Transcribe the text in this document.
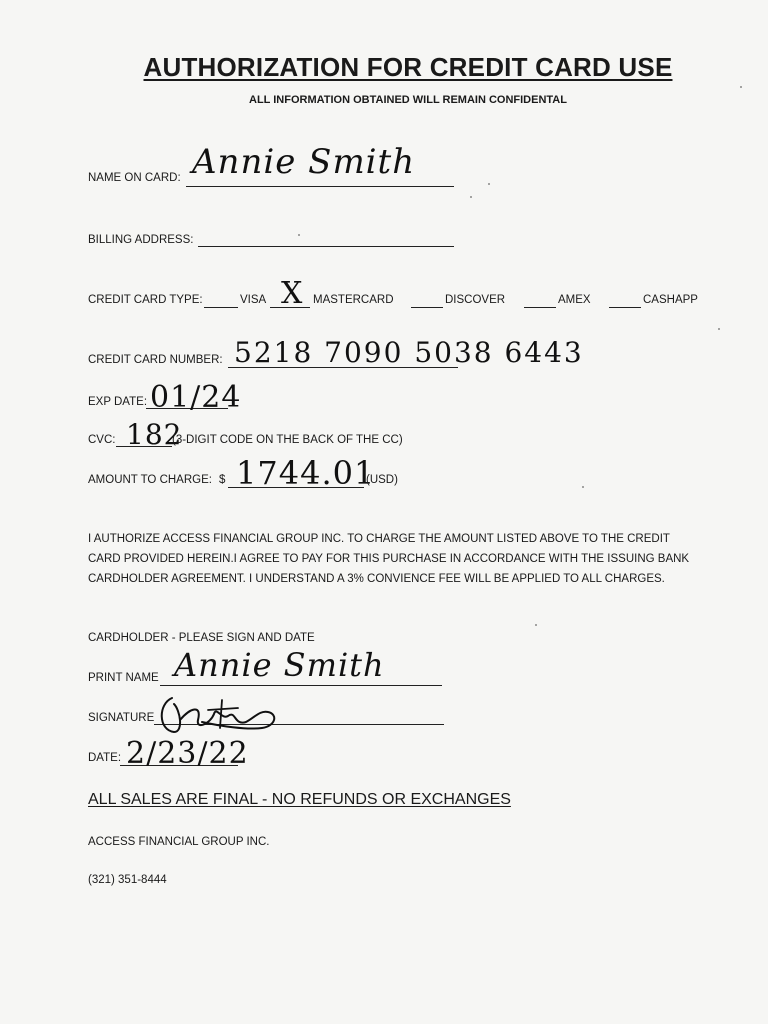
AUTHORIZATION FOR CREDIT CARD USE
ALL INFORMATION OBTAINED WILL REMAIN CONFIDENTAL
NAME ON CARD: Annie Smith
BILLING ADDRESS:
CREDIT CARD TYPE:	VISA X MASTERCARD	DISCOVER	AMEX	CASHAPP
CREDIT CARD NUMBER: 5218 7090 5038 6443
EXP DATE: 01/24
CVC: 182
(3-DIGIT CODE ON THE BACK OF THE CC)
AMOUNT TO CHARGE: $ 1744.01
(USD)
I AUTHORIZE ACCESS FINANCIAL GROUP INC. TO CHARGE THE AMOUNT LISTED ABOVE TO THE CREDIT
CARD PROVIDED HEREIN.I AGREE TO PAY FOR THIS PURCHASE IN ACCORDANCE WITH THE ISSUING BANK
CARDHOLDER AGREEMENT. I UNDERSTAND A 3% CONVIENCE FEE WILL BE APPLIED TO ALL CHARGES.
CARDHOLDER - PLEASE SIGN AND DATE
PRINT NAME Annie Smith
SIGNATURE
DATE: 2/23/22
ALL SALES ARE FINAL - NO REFUNDS OR EXCHANGES
ACCESS FINANCIAL GROUP INC.
(321) 351-8444
